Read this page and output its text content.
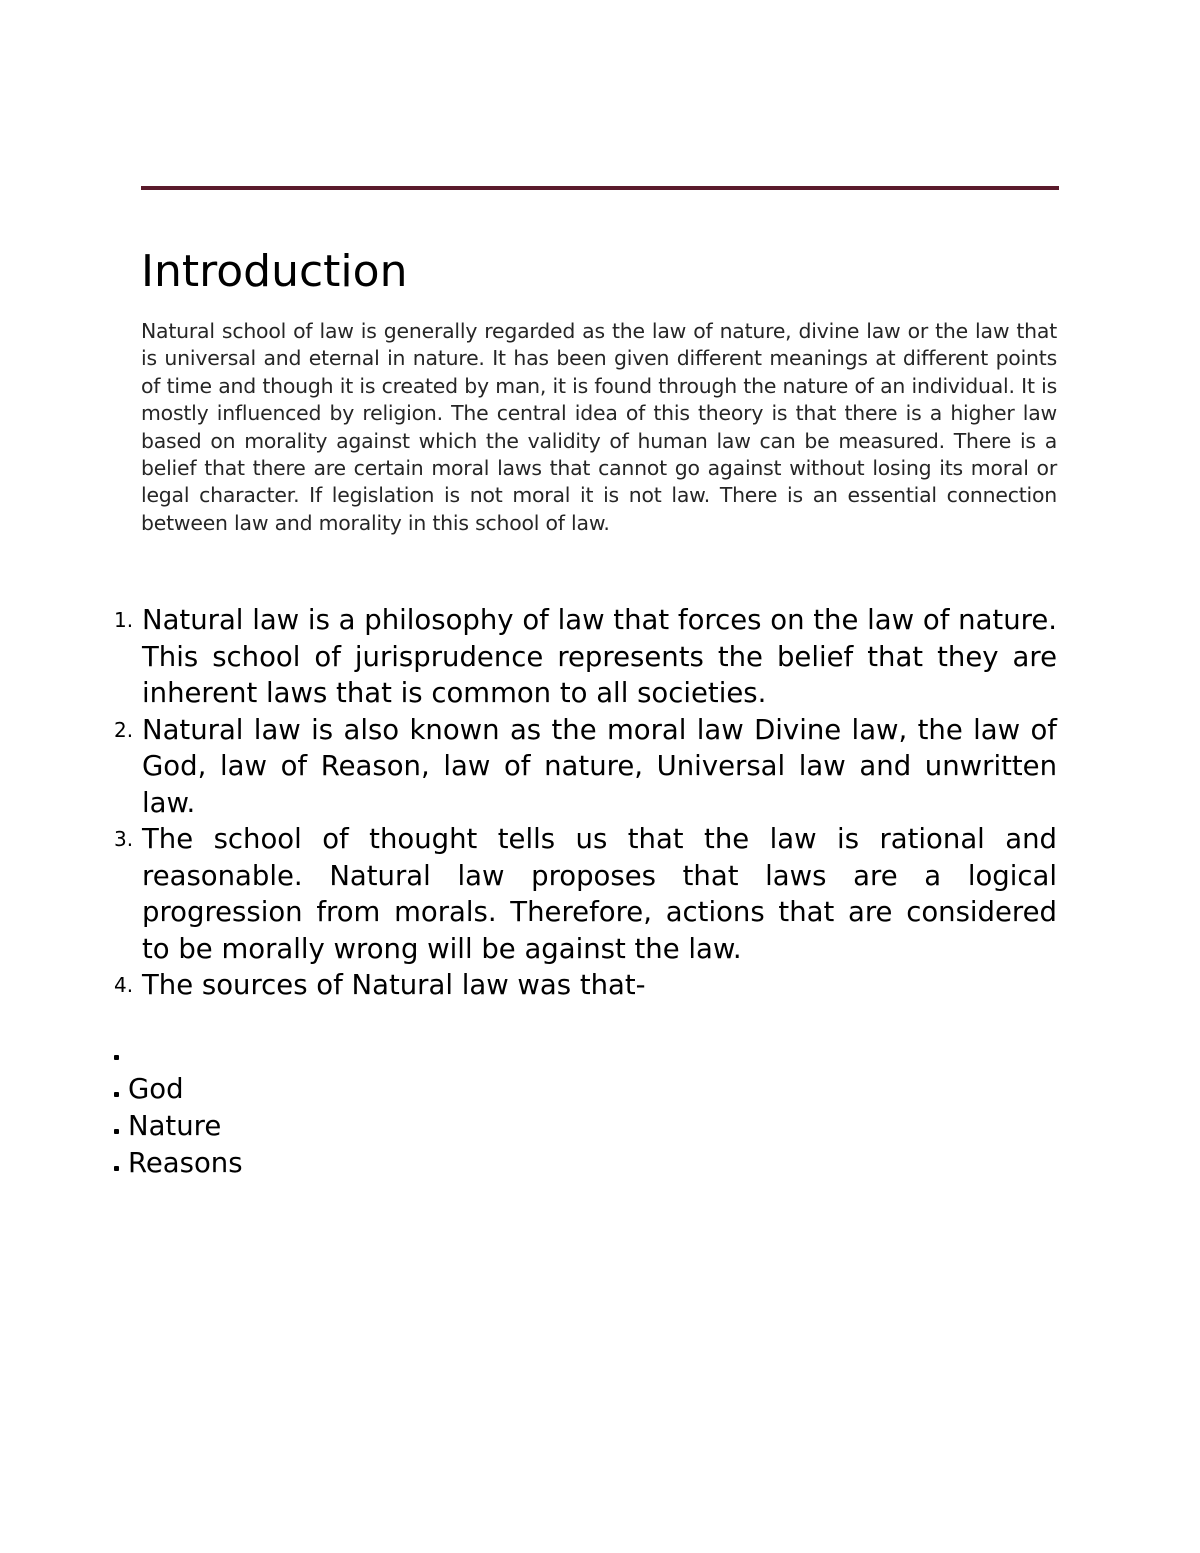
Introduction

Natural school of law is generally regarded as the law of nature, divine law or the law that is universal and eternal in nature. It has been given different meanings at different points of time and though it is created by man, it is found through the nature of an individual. It is mostly influenced by religion. The central idea of this theory is that there is a higher law based on morality against which the validity of human law can be measured. There is a belief that there are certain moral laws that cannot go against without losing its moral or legal character. If legislation is not moral it is not law. There is an essential connection between law and morality in this school of law.

1. Natural law is a philosophy of law that forces on the law of nature. This school of jurisprudence represents the belief that they are inherent laws that is common to all societies.
2. Natural law is also known as the moral law Divine law, the law of God, law of Reason, law of nature, Universal law and unwritten law.
3. The school of thought tells us that the law is rational and reasonable. Natural law proposes that laws are a logical progression from morals. Therefore, actions that are considered to be morally wrong will be against the law.
4. The sources of Natural law was that-
God
Nature
Reasons
